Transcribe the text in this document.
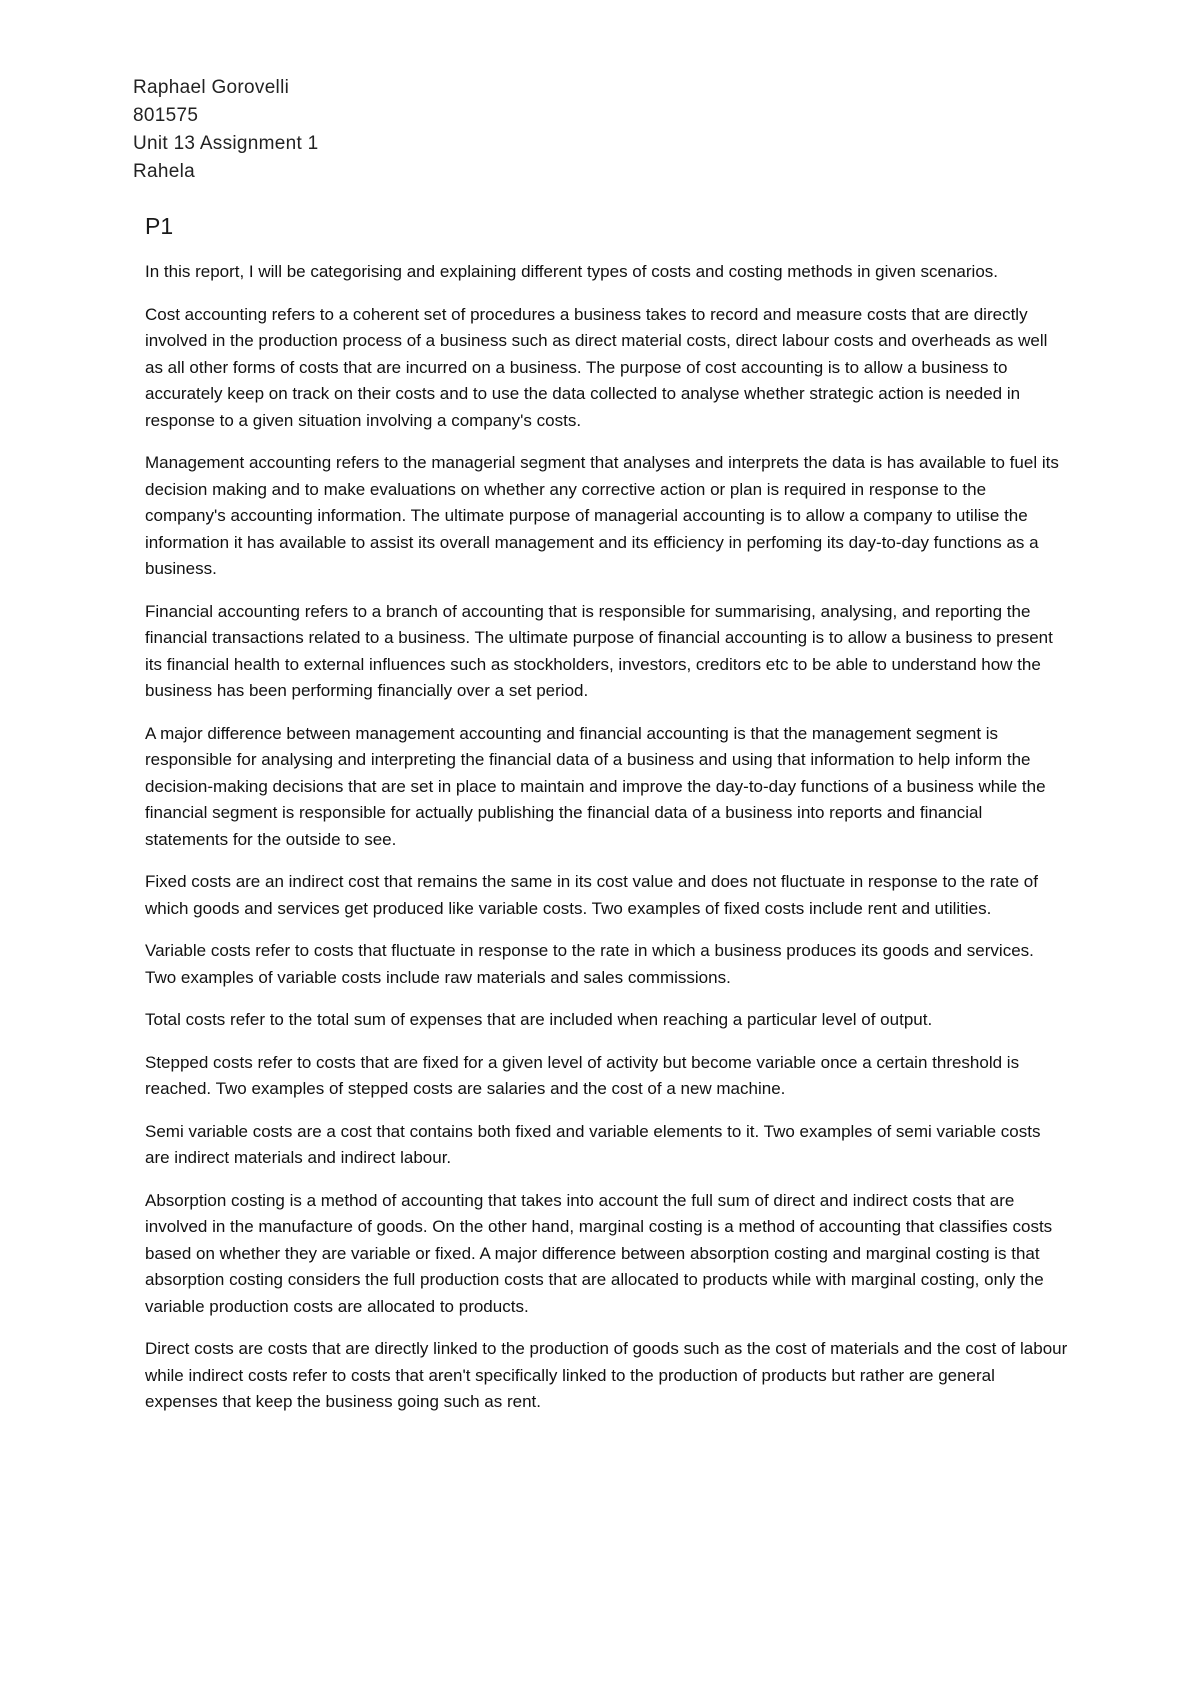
Raphael Gorovelli
801575
Unit 13 Assignment 1
Rahela
P1

In this report, I will be categorising and explaining different types of costs and costing methods in given scenarios.

Cost accounting refers to a coherent set of procedures a business takes to record and measure costs that are directly involved in the production process of a business such as direct material costs, direct labour costs and overheads as well as all other forms of costs that are incurred on a business. The purpose of cost accounting is to allow a business to accurately keep on track on their costs and to use the data collected to analyse whether strategic action is needed in response to a given situation involving a company's costs.

Management accounting refers to the managerial segment that analyses and interprets the data is has available to fuel its decision making and to make evaluations on whether any corrective action or plan is required in response to the company's accounting information. The ultimate purpose of managerial accounting is to allow a company to utilise the information it has available to assist its overall management and its efficiency in perfoming its day-to-day functions as a business.

Financial accounting refers to a branch of accounting that is responsible for summarising, analysing, and reporting the financial transactions related to a business. The ultimate purpose of financial accounting is to allow a business to present its financial health to external influences such as stockholders, investors, creditors etc to be able to understand how the business has been performing financially over a set period.

A major difference between management accounting and financial accounting is that the management segment is responsible for analysing and interpreting the financial data of a business and using that information to help inform the decision-making decisions that are set in place to maintain and improve the day-to-day functions of a business while the financial segment is responsible for actually publishing the financial data of a business into reports and financial statements for the outside to see.

Fixed costs are an indirect cost that remains the same in its cost value and does not fluctuate in response to the rate of which goods and services get produced like variable costs. Two examples of fixed costs include rent and utilities.

Variable costs refer to costs that fluctuate in response to the rate in which a business produces its goods and services. Two examples of variable costs include raw materials and sales commissions.

Total costs refer to the total sum of expenses that are included when reaching a particular level of output.

Stepped costs refer to costs that are fixed for a given level of activity but become variable once a certain threshold is reached. Two examples of stepped costs are salaries and the cost of a new machine.

Semi variable costs are a cost that contains both fixed and variable elements to it. Two examples of semi variable costs are indirect materials and indirect labour.

Absorption costing is a method of accounting that takes into account the full sum of direct and indirect costs that are involved in the manufacture of goods. On the other hand, marginal costing is a method of accounting that classifies costs based on whether they are variable or fixed. A major difference between absorption costing and marginal costing is that absorption costing considers the full production costs that are allocated to products while with marginal costing, only the variable production costs are allocated to products.

Direct costs are costs that are directly linked to the production of goods such as the cost of materials and the cost of labour while indirect costs refer to costs that aren't specifically linked to the production of products but rather are general expenses that keep the business going such as rent.
